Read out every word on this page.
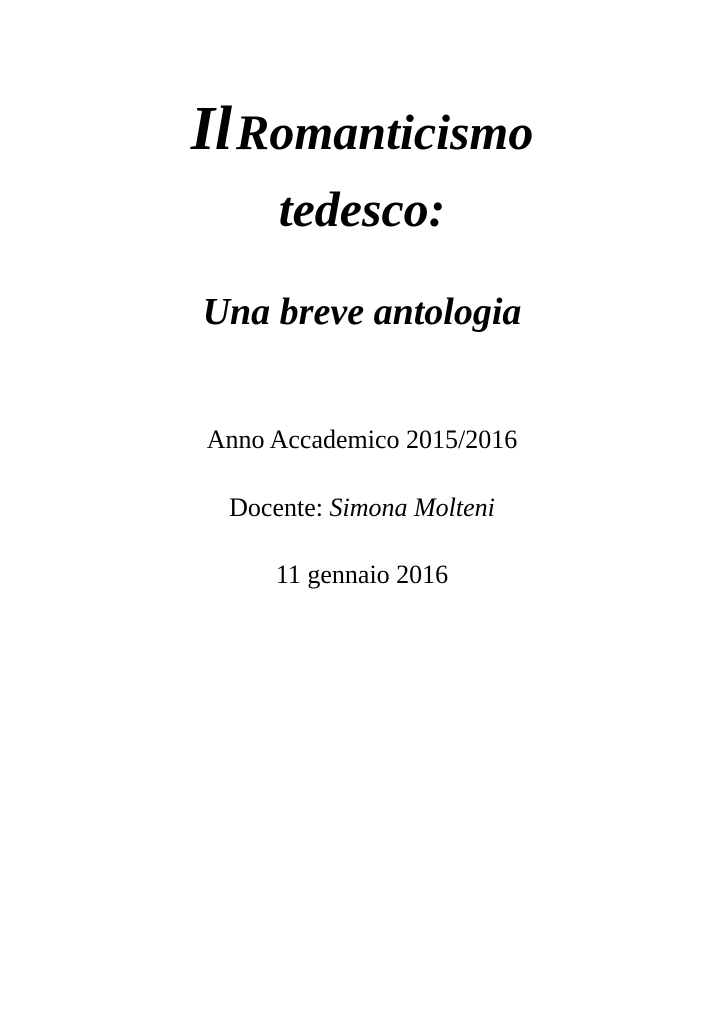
Il Romanticismo
tedesco:
Una breve antologia
Anno Accademico 2015/2016
Docente: Simona Molteni
11 gennaio 2016
